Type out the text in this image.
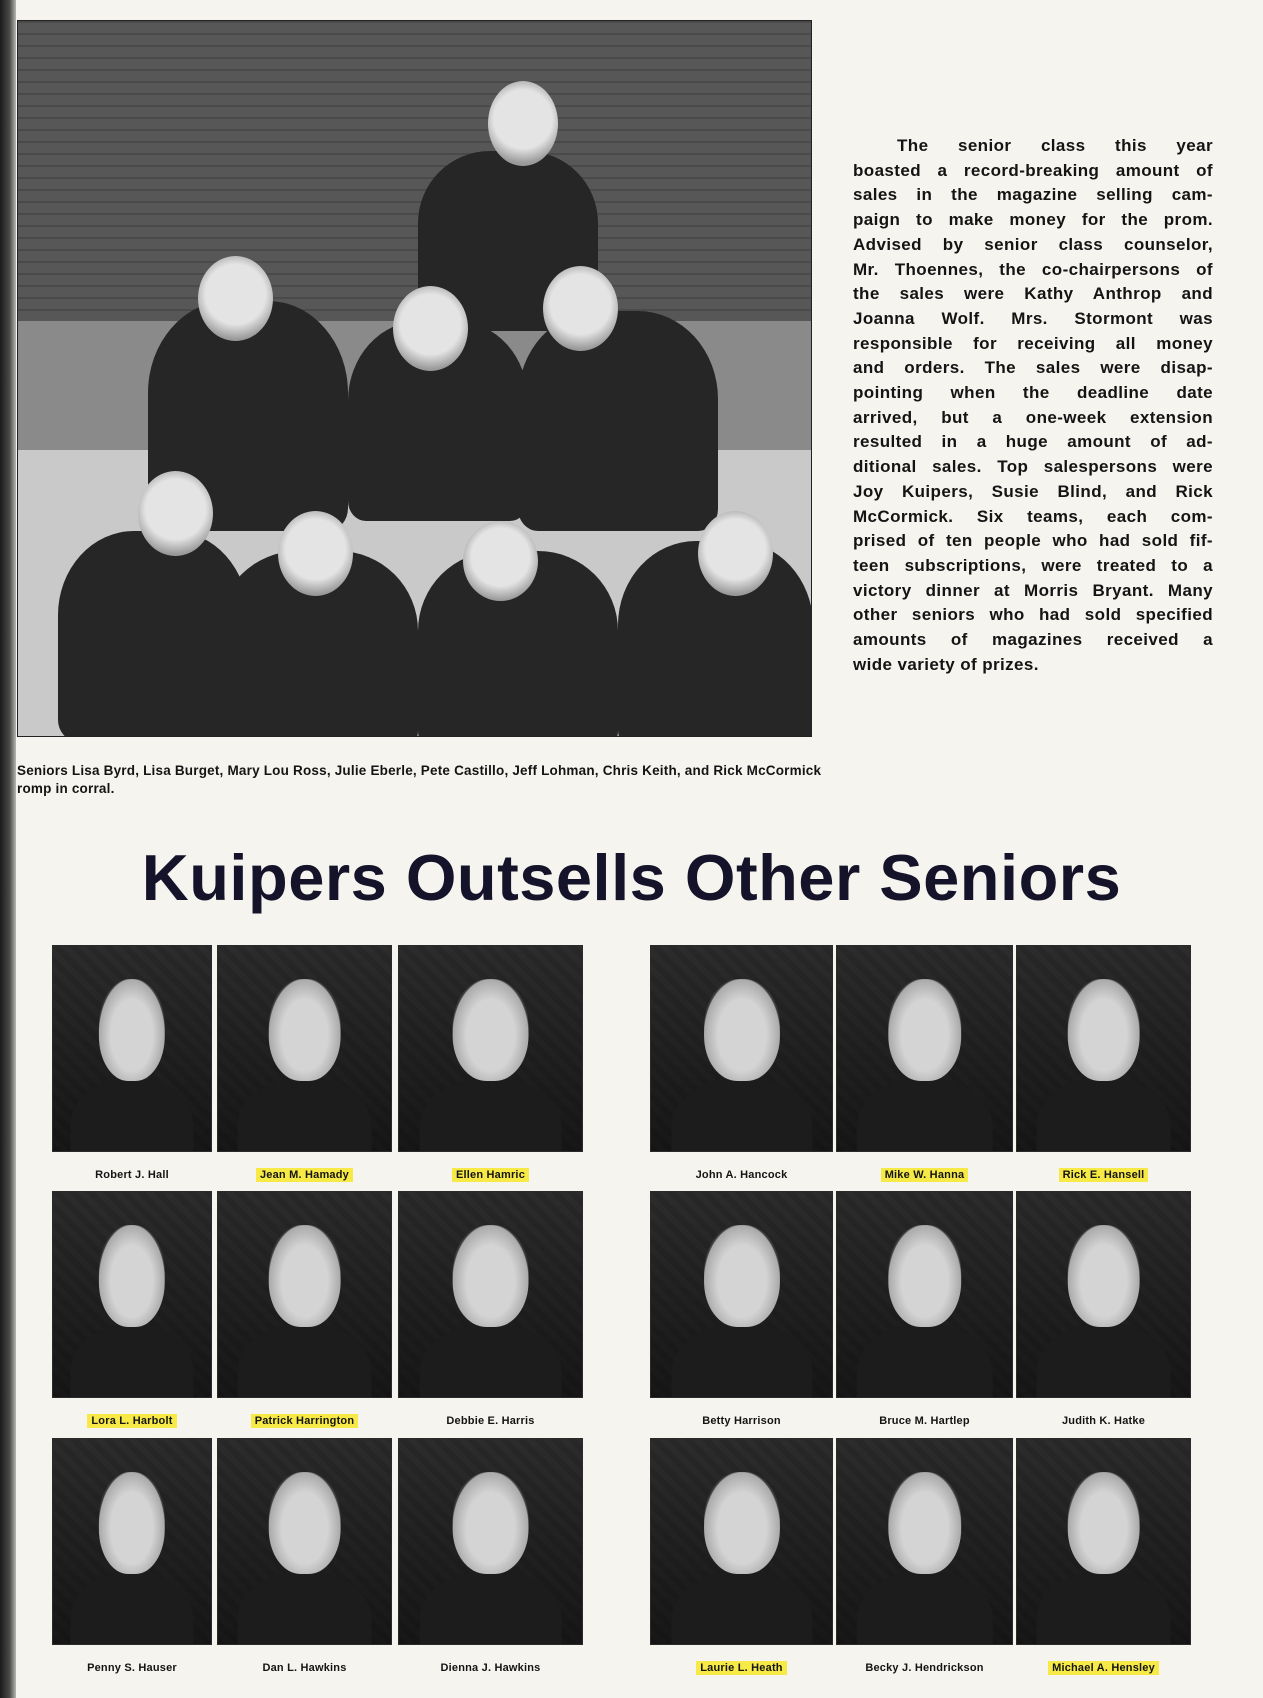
Seniors Lisa Byrd, Lisa Burget, Mary Lou Ross, Julie Eberle, Pete Castillo, Jeff Lohman, Chris Keith, and Rick McCormick romp in corral.
The senior class this year
boasted a record-breaking amount of
sales in the magazine selling cam-
paign to make money for the prom.
Advised by senior class counselor,
Mr. Thoennes, the co-chairpersons of
the sales were Kathy Anthrop and
Joanna Wolf. Mrs. Stormont was
responsible for receiving all money
and orders. The sales were disap-
pointing when the deadline date
arrived, but a one-week extension
resulted in a huge amount of ad-
ditional sales. Top salespersons were
Joy Kuipers, Susie Blind, and Rick
McCormick. Six teams, each com-
prised of ten people who had sold fif-
teen subscriptions, were treated to a
victory dinner at Morris Bryant. Many
other seniors who had sold specified
amounts of magazines received a
wide variety of prizes.
Kuipers Outsells Other Seniors
Robert J. Hall	Jean M. Hamady	Ellen Hamric	John A. Hancock	Mike W. Hanna	Rick E. Hansell
Lora L. Harbolt	Patrick Harrington	Debbie E. Harris	Betty Harrison	Bruce M. Hartlep	Judith K. Hatke
Penny S. Hauser	Dan L. Hawkins	Dienna J. Hawkins	Laurie L. Heath	Becky J. Hendrickson	Michael A. Hensley
